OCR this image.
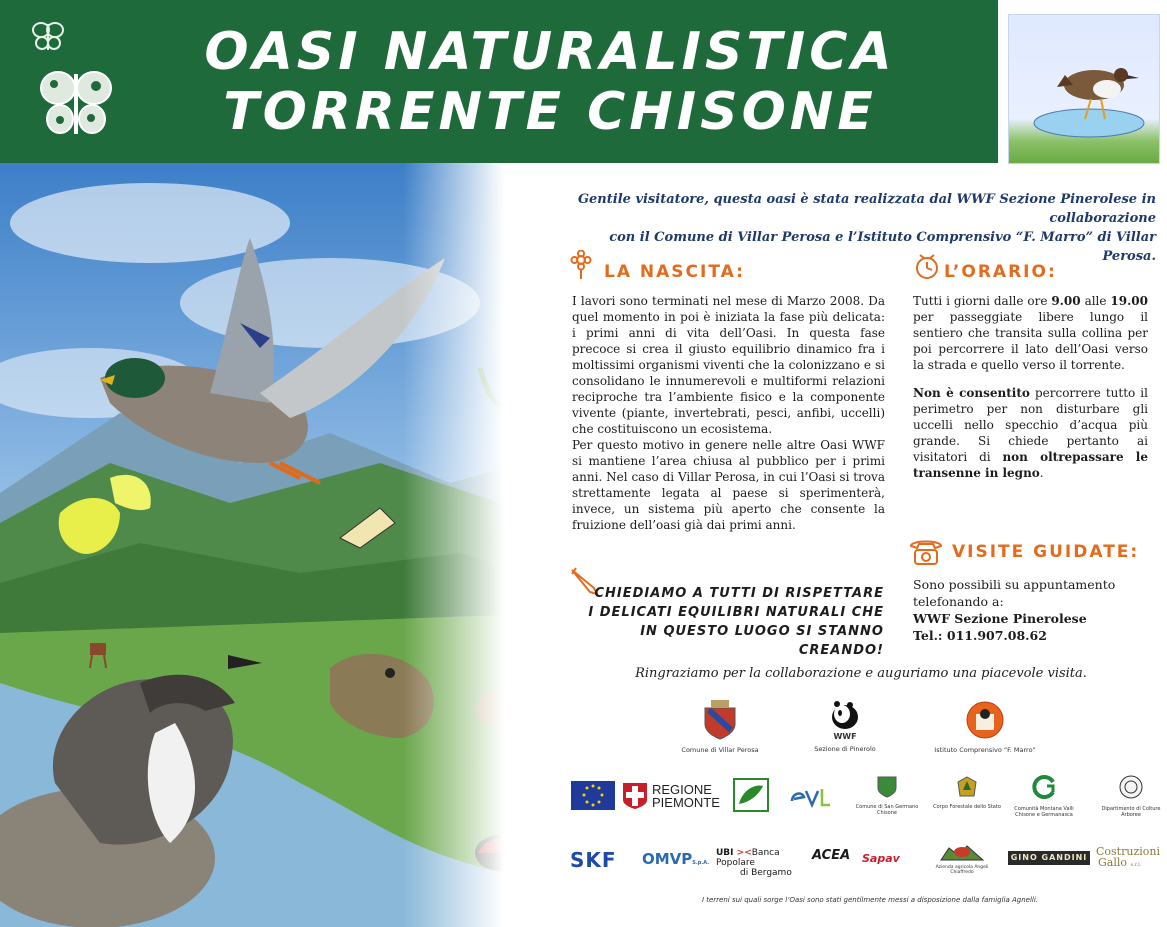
OASI NATURALISTICA
TORRENTE CHISONE
Gentile visitatore, questa oasi è stata realizzata dal WWF Sezione Pinerolese in collaborazione
con il Comune di Villar Perosa e l’Istituto Comprensivo “F. Marro” di Villar Perosa.
LA NASCITA:

I lavori sono terminati nel mese di Marzo 2008. Da quel momento in poi è iniziata la fase più delicata: i primi anni di vita dell’Oasi. In questa fase precoce si crea il giusto equilibrio dinamico fra i moltissimi organismi viventi che la colonizzano e si consolidano le innumerevoli e multiformi relazioni reciproche tra l’ambiente fisico e la componente vivente (piante, invertebrati, pesci, anfibi, uccelli) che costituiscono un ecosistema.

Per questo motivo in genere nelle altre Oasi WWF si mantiene l’area chiusa al pubblico per i primi anni. Nel caso di Villar Perosa, in cui l’Oasi si trova strettamente legata al paese si sperimenterà, invece, un sistema più aperto che consente la fruizione dell’oasi già dai primi anni.

CHIEDIAMO A TUTTI DI RISPETTARE
I DELICATI EQUILIBRI NATURALI CHE
IN QUESTO LUOGO SI STANNO CREANDO!
L’ORARIO:

Tutti i giorni dalle ore 9.00 alle 19.00 per passeggiate libere lungo il sentiero che transita sulla collina per poi percorrere il lato dell’Oasi verso la strada e quello verso il torrente.

Non è consentito percorrere tutto il perimetro per non disturbare gli uccelli nello specchio d’acqua più grande. Si chiede pertanto ai visitatori di non oltrepassare le transenne in legno.

VISITE GUIDATE:
Sono possibili su appuntamento
telefonando a:
WWF Sezione Pinerolese
Tel.: 011.907.08.62
Ringraziamo per la collaborazione e auguriamo una piacevole visita.
Comune di Villar Perosa
WWF
Sezione di Pinerolo	Istituto Comprensivo “F. Marro”
REGIONE
PIEMONTE	Comune di San Germano Chisone
Corpo Forestale dello Stato	Comunità Montana Valli Chisone e Germanasca
Dipartimento di Colture Arboree
SKF OMVPS.p.A.
UBI ><Banca Popolare
di Bergamo
ACEA Sapav
Azienda agricola Angeli Chiaffredo
GINO GANDINI Costruzioni
Gallo s.r.l.
I terreni sui quali sorge l’Oasi sono stati gentilmente messi a disposizione dalla famiglia Agnelli.
